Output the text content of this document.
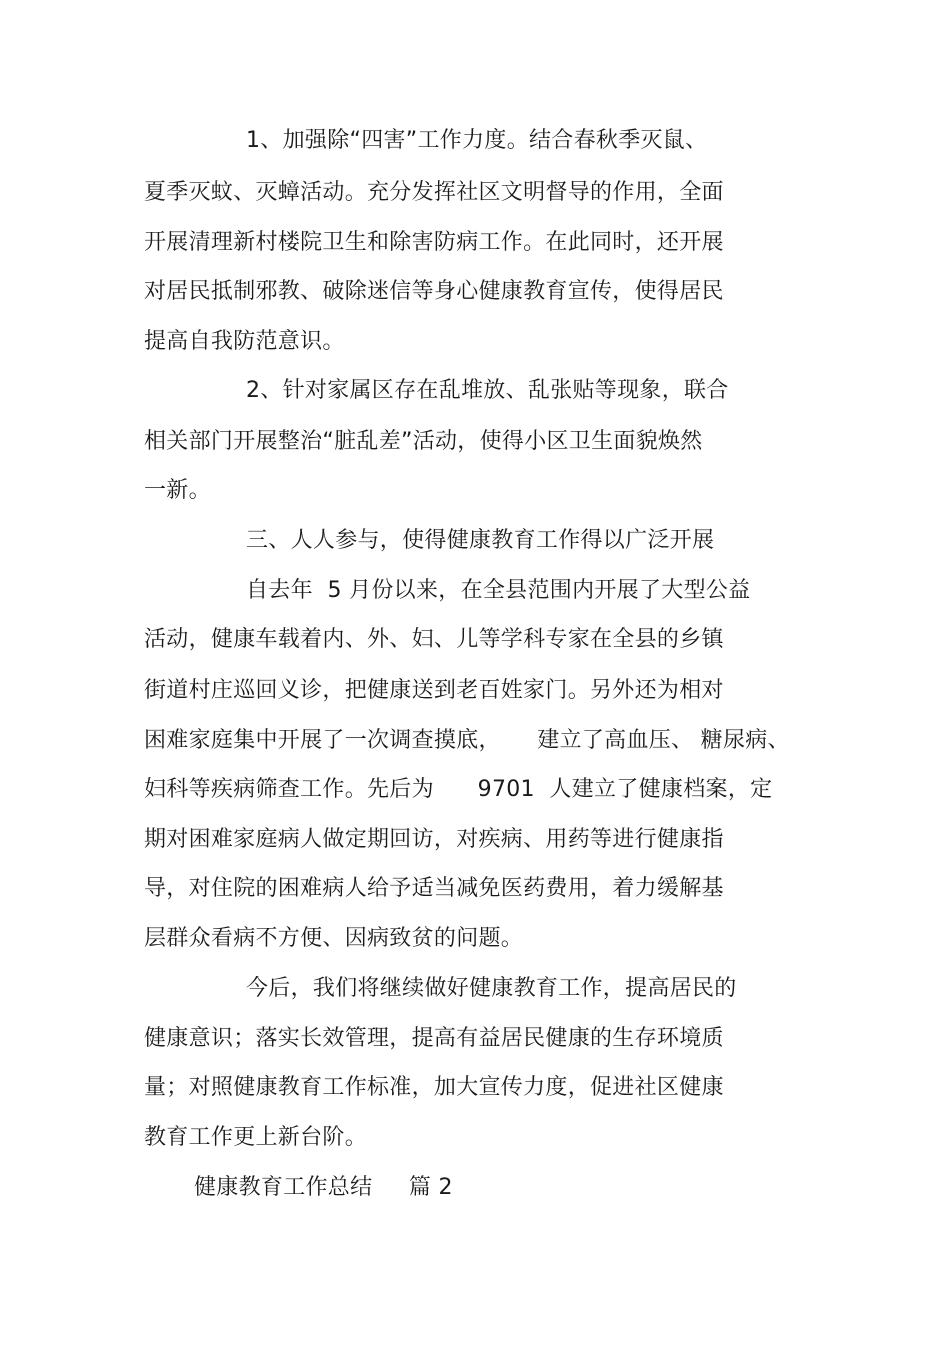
1、加强除“四害”工作力度。结合春秋季灭鼠、
夏季灭蚊、灭蟑活动。充分发挥社区文明督导的作用，全面
开展清理新村楼院卫生和除害防病工作。在此同时，还开展
对居民抵制邪教、破除迷信等身心健康教育宣传，使得居民
提高自我防范意识。
2、针对家属区存在乱堆放、乱张贴等现象，联合
相关部门开展整治“脏乱差”活动，使得小区卫生面貌焕然
一新。
三、人人参与，使得健康教育工作得以广泛开展
自去年  5 月份以来，在全县范围内开展了大型公益
活动，健康车载着内、外、妇、儿等学科专家在全县的乡镇
街道村庄巡回义诊，把健康送到老百姓家门。另外还为相对
困难家庭集中开展了一次调查摸底，     建立了高血压、 糖尿病、
妇科等疾病筛查工作。先后为      9701  人建立了健康档案，定
期对困难家庭病人做定期回访，对疾病、用药等进行健康指
导，对住院的困难病人给予适当减免医药费用，着力缓解基
层群众看病不方便、因病致贫的问题。
今后，我们将继续做好健康教育工作，提高居民的
健康意识；落实长效管理，提高有益居民健康的生存环境质
量；对照健康教育工作标准，加大宣传力度，促进社区健康
教育工作更上新台阶。
健康教育工作总结     篇 2
